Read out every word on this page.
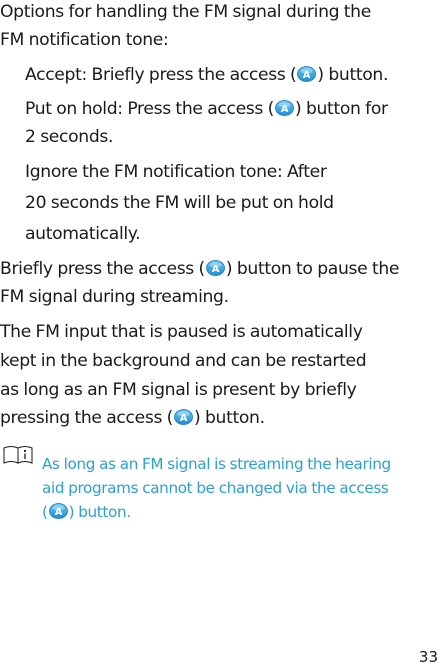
Options for handling the FM signal during the
FM notification tone:
Accept: Briefly press the access ( A ) button.
Put on hold: Press the access ( A ) button for
2 seconds.
Ignore the FM notification tone: After
20 seconds the FM will be put on hold
automatically.
Briefly press the access ( A ) button to pause the
FM signal during streaming.
The FM input that is paused is automatically
kept in the background and can be restarted
as long as an FM signal is present by briefly
pressing the access ( A ) button.
As long as an FM signal is streaming the hearing
aid programs cannot be changed via the access
( A ) button.
33
